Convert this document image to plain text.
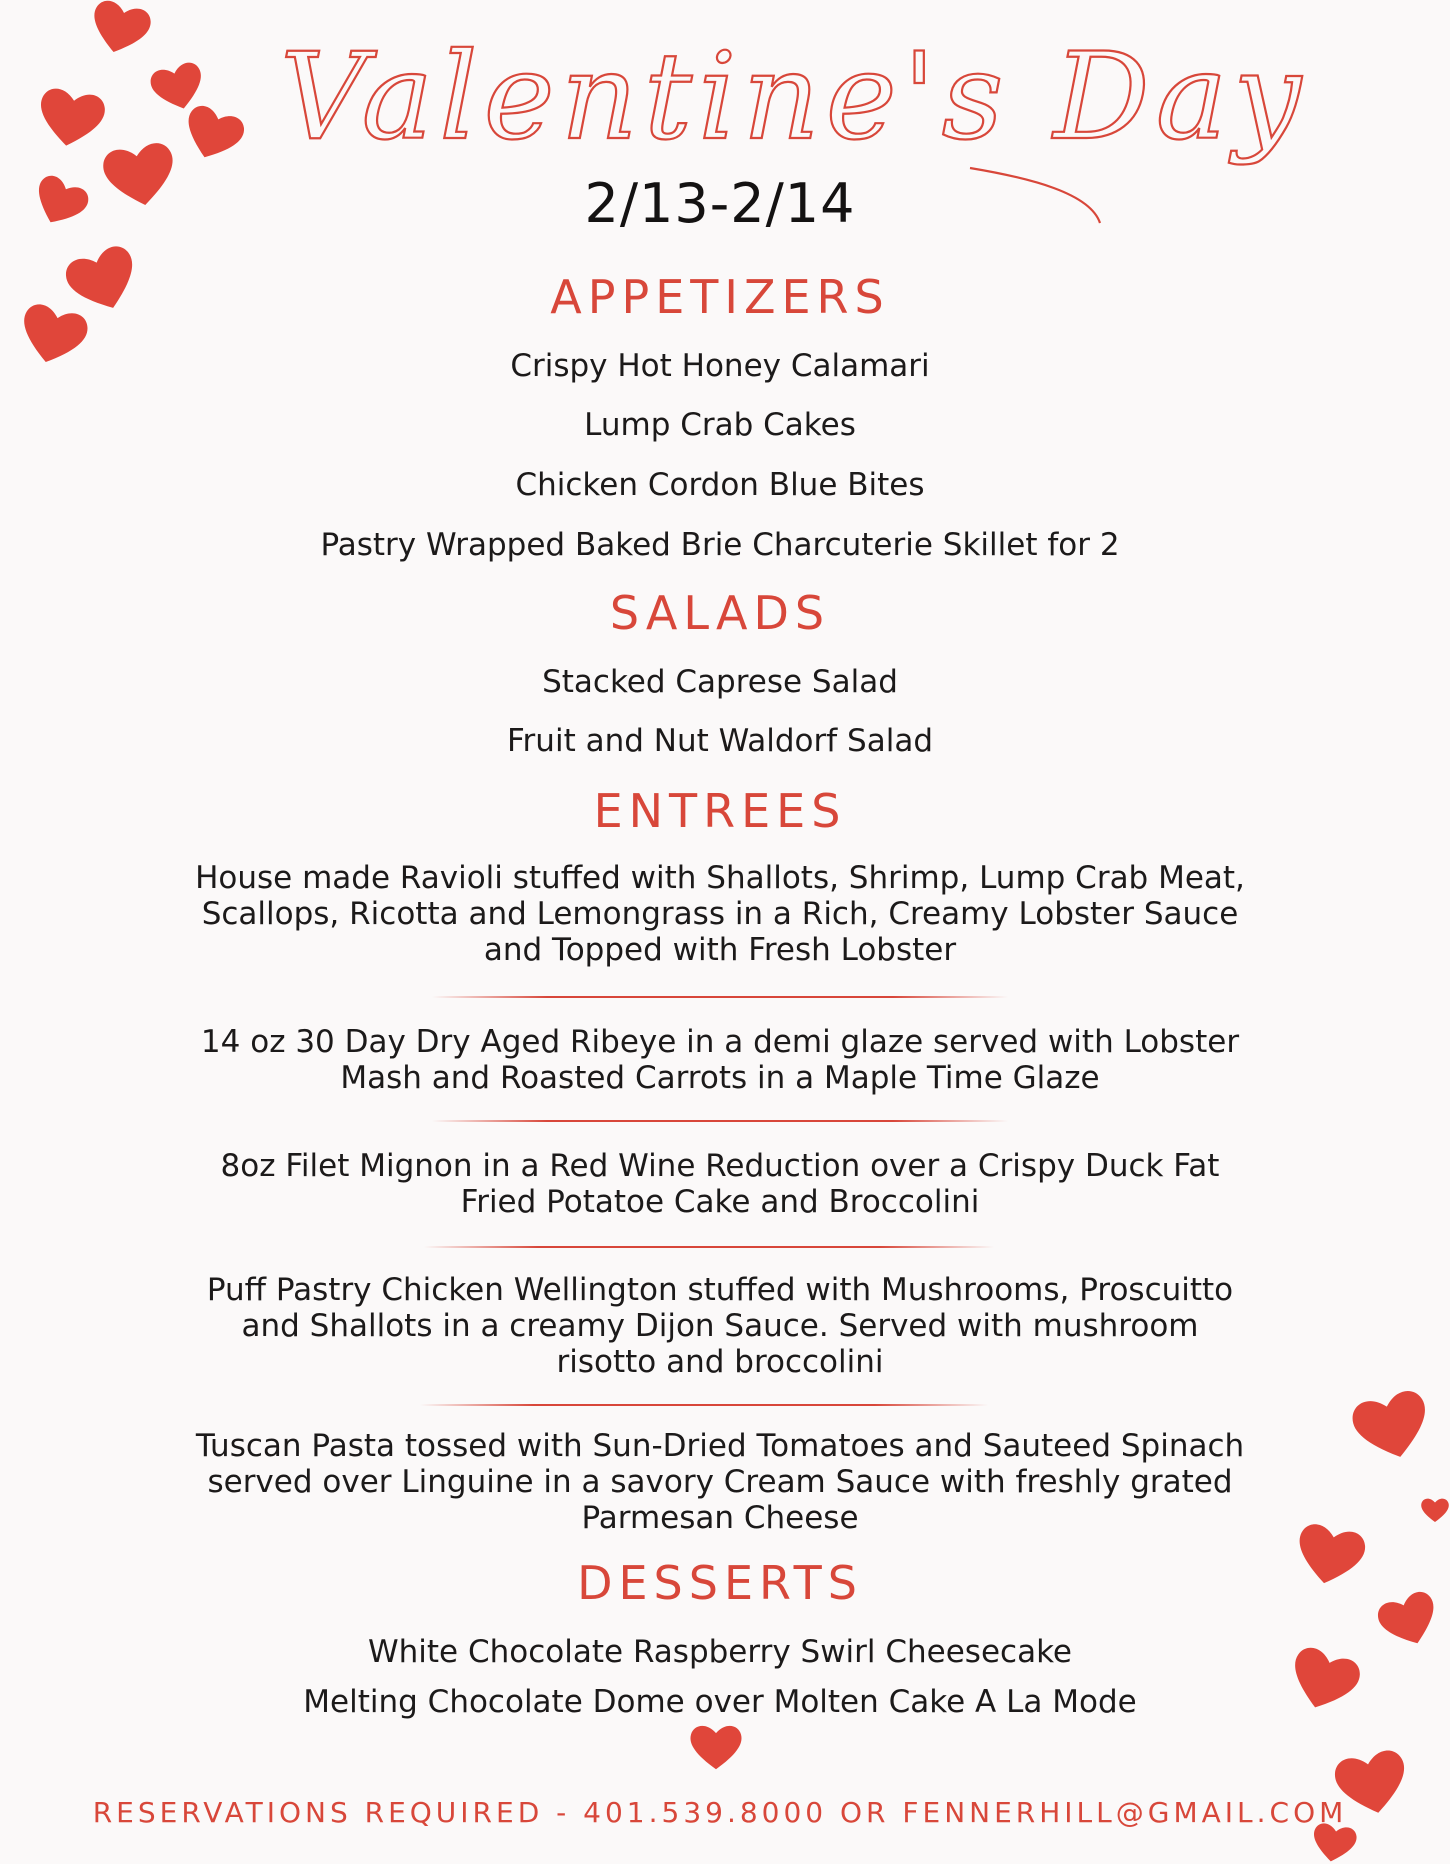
Valentine's Day
2/13-2/14
APPETIZERS
Crispy Hot Honey Calamari
Lump Crab Cakes
Chicken Cordon Blue Bites
Pastry Wrapped Baked Brie Charcuterie Skillet for 2
SALADS
Stacked Caprese Salad
Fruit and Nut Waldorf Salad
ENTREES
House made Ravioli stuffed with Shallots, Shrimp, Lump Crab Meat,
Scallops, Ricotta and Lemongrass in a Rich, Creamy Lobster Sauce
and Topped with Fresh Lobster
14 oz 30 Day Dry Aged Ribeye in a demi glaze served with Lobster
Mash and Roasted Carrots in a Maple Time Glaze
8oz Filet Mignon in a Red Wine Reduction over a Crispy Duck Fat
Fried Potatoe Cake and Broccolini
Puff Pastry Chicken Wellington stuffed with Mushrooms, Proscuitto
and Shallots in a creamy Dijon Sauce. Served with mushroom
risotto and broccolini
Tuscan Pasta tossed with Sun-Dried Tomatoes and Sauteed Spinach
served over Linguine in a savory Cream Sauce with freshly grated
Parmesan Cheese
DESSERTS
White Chocolate Raspberry Swirl Cheesecake
Melting Chocolate Dome over Molten Cake A La Mode
RESERVATIONS REQUIRED - 401.539.8000 OR FENNERHILL@GMAIL.COM
